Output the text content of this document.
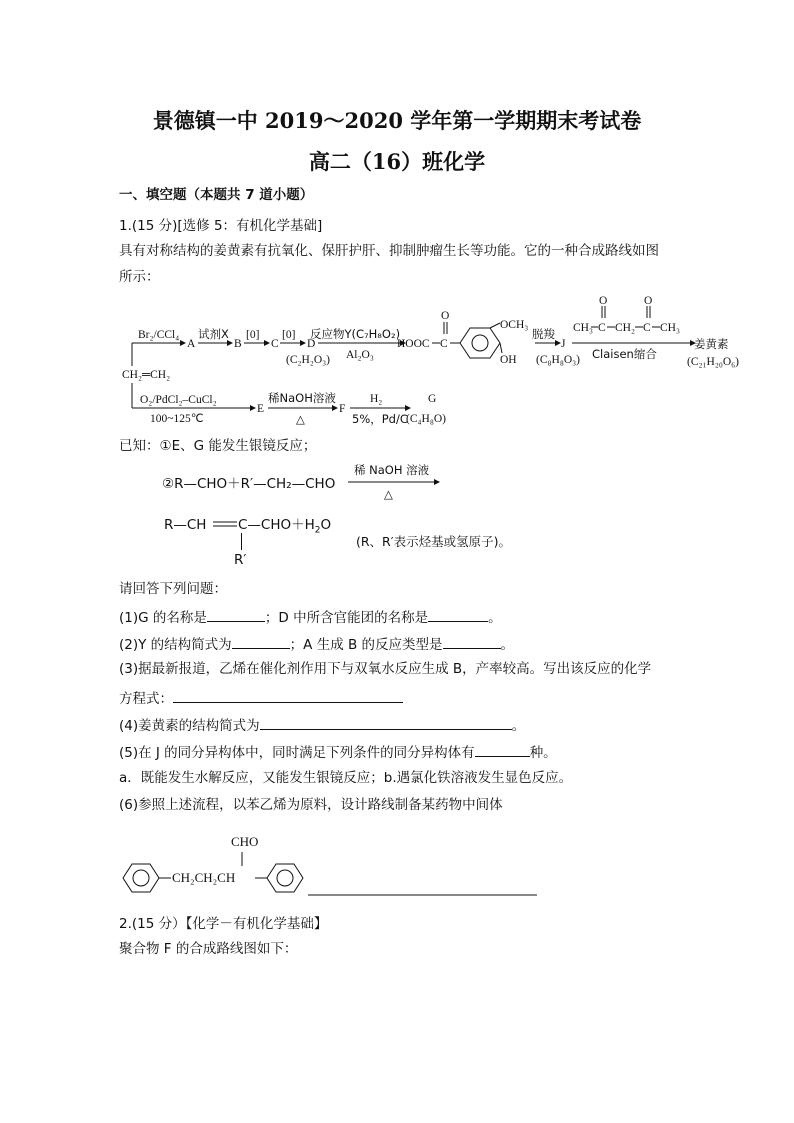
景德镇一中 2019～2020 学年第一学期期末考试卷
高二（16）班化学
一、填空题（本题共 7 道小题）
1.(15 分)[选修 5：有机化学基础]
具有对称结构的姜黄素有抗氧化、保肝护肝、抑制肿瘤生长等功能。它的一种合成路线如图
所示：
CH₂═CH₂
Br₂/CCl₄
A
试剂X
B
[0]
C
[0]
D
(C₂H₂O₃)
反应物Y(C₇H₈O₂)
Al₂O₃
HOOC C
O
OCH₃
OH
脱羧
J
(C₈H₈O₃)
CH₃ C
O
CH₂ C
O
CH₃
Claisen缩合
姜黄素
(C₂₁H₂₀O₆)
O₂/PdCl₂–CuCl₂
100~125℃
E
稀NaOH溶液
△
F
H₂
5%，Pd/C
G
(C₄H₈O)
已知：①E、G 能发生银镜反应；
②R—CHO＋R′—CH₂—CHO
稀 NaOH 溶液
△
R—CH $C—CHO+H_2O$
R′
(R、R′表示烃基或氢原子)。
请回答下列问题：
(1)G 的名称是	；D 中所含官能团的名称是	。
(2)Y 的结构简式为	；A 生成 B 的反应类型是	。
(3)据最新报道，乙烯在催化剂作用下与双氧水反应生成 B，产率较高。写出该反应的化学
方程式：
(4)姜黄素的结构简式为	。
(5)在 J 的同分异构体中，同时满足下列条件的同分异构体有	种。
a．既能发生水解反应，又能发生银镜反应；b.遇氯化铁溶液发生显色反应。
(6)参照上述流程，以苯乙烯为原料，设计路线制备某药物中间体
CH₂CH₂CH
CHO
2.(15 分）【化学－有机化学基础】
聚合物 F 的合成路线图如下：
